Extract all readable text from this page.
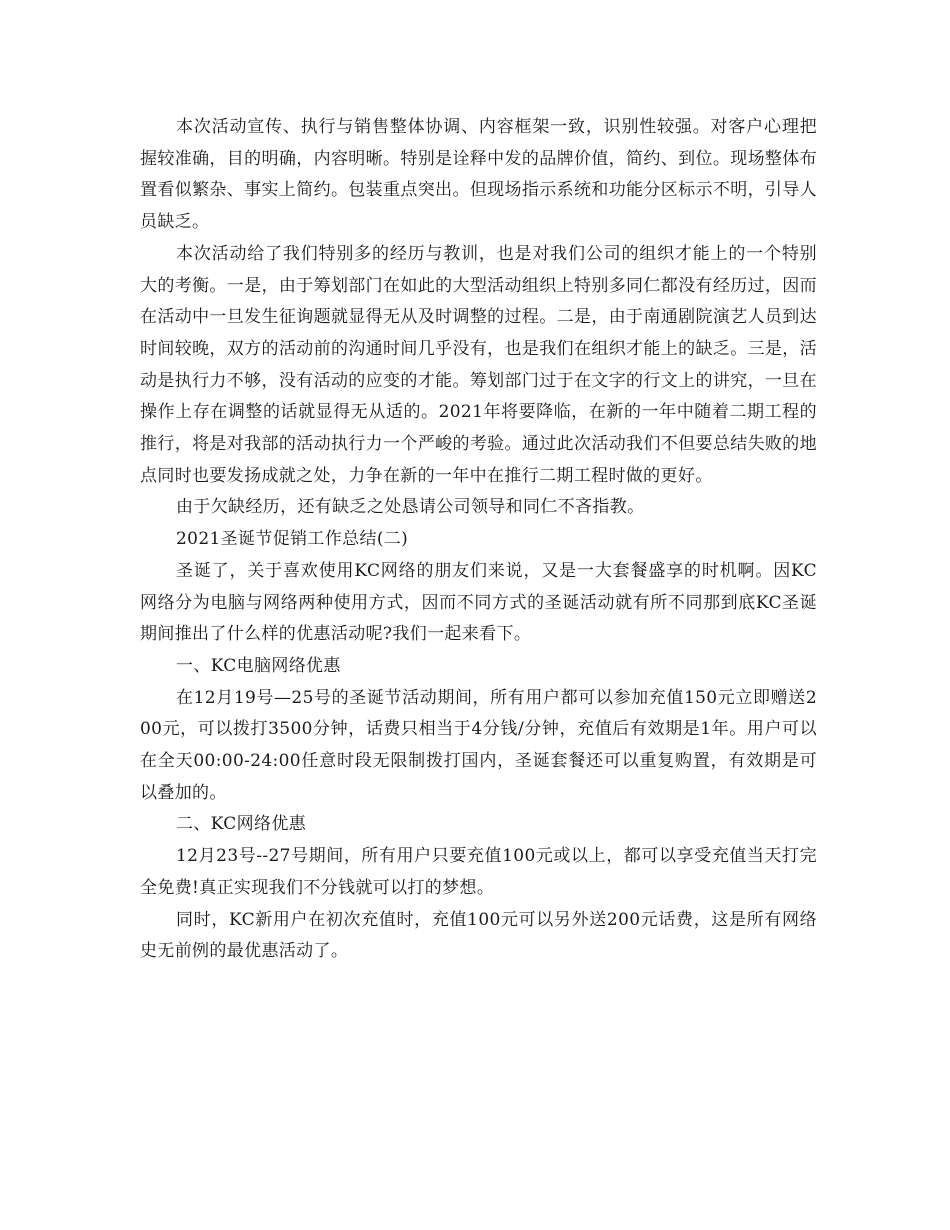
本次活动宣传、执行与销售整体协调、内容框架一致，识别性较强。对客户心理把握较准确，目的明确，内容明晰。特别是诠释中发的品牌价值，简约、到位。现场整体布置看似繁杂、事实上简约。包装重点突出。但现场指示系统和功能分区标示不明，引导人员缺乏。

本次活动给了我们特别多的经历与教训，也是对我们公司的组织才能上的一个特别大的考衡。一是，由于筹划部门在如此的大型活动组织上特别多同仁都没有经历过，因而在活动中一旦发生征询题就显得无从及时调整的过程。二是，由于南通剧院演艺人员到达时间较晚，双方的活动前的沟通时间几乎没有，也是我们在组织才能上的缺乏。三是，活动是执行力不够，没有活动的应变的才能。筹划部门过于在文字的行文上的讲究，一旦在操作上存在调整的话就显得无从适的。2021年将要降临，在新的一年中随着二期工程的推行，将是对我部的活动执行力一个严峻的考验。通过此次活动我们不但要总结失败的地点同时也要发扬成就之处，力争在新的一年中在推行二期工程时做的更好。

由于欠缺经历，还有缺乏之处恳请公司领导和同仁不吝指教。

2021圣诞节促销工作总结(二)

圣诞了，关于喜欢使用KC网络的朋友们来说，又是一大套餐盛享的时机啊。因KC网络分为电脑与网络两种使用方式，因而不同方式的圣诞活动就有所不同那到底KC圣诞期间推出了什么样的优惠活动呢?我们一起来看下。

一、KC电脑网络优惠

在12月19号—25号的圣诞节活动期间，所有用户都可以参加充值150元立即赠送200元，可以拨打3500分钟，话费只相当于4分钱/分钟，充值后有效期是1年。用户可以在全天00:00-24:00任意时段无限制拨打国内，圣诞套餐还可以重复购置，有效期是可以叠加的。

二、KC网络优惠

12月23号--27号期间，所有用户只要充值100元或以上，都可以享受充值当天打完全免费!真正实现我们不分钱就可以打的梦想。

同时，KC新用户在初次充值时，充值100元可以另外送200元话费，这是所有网络史无前例的最优惠活动了。
